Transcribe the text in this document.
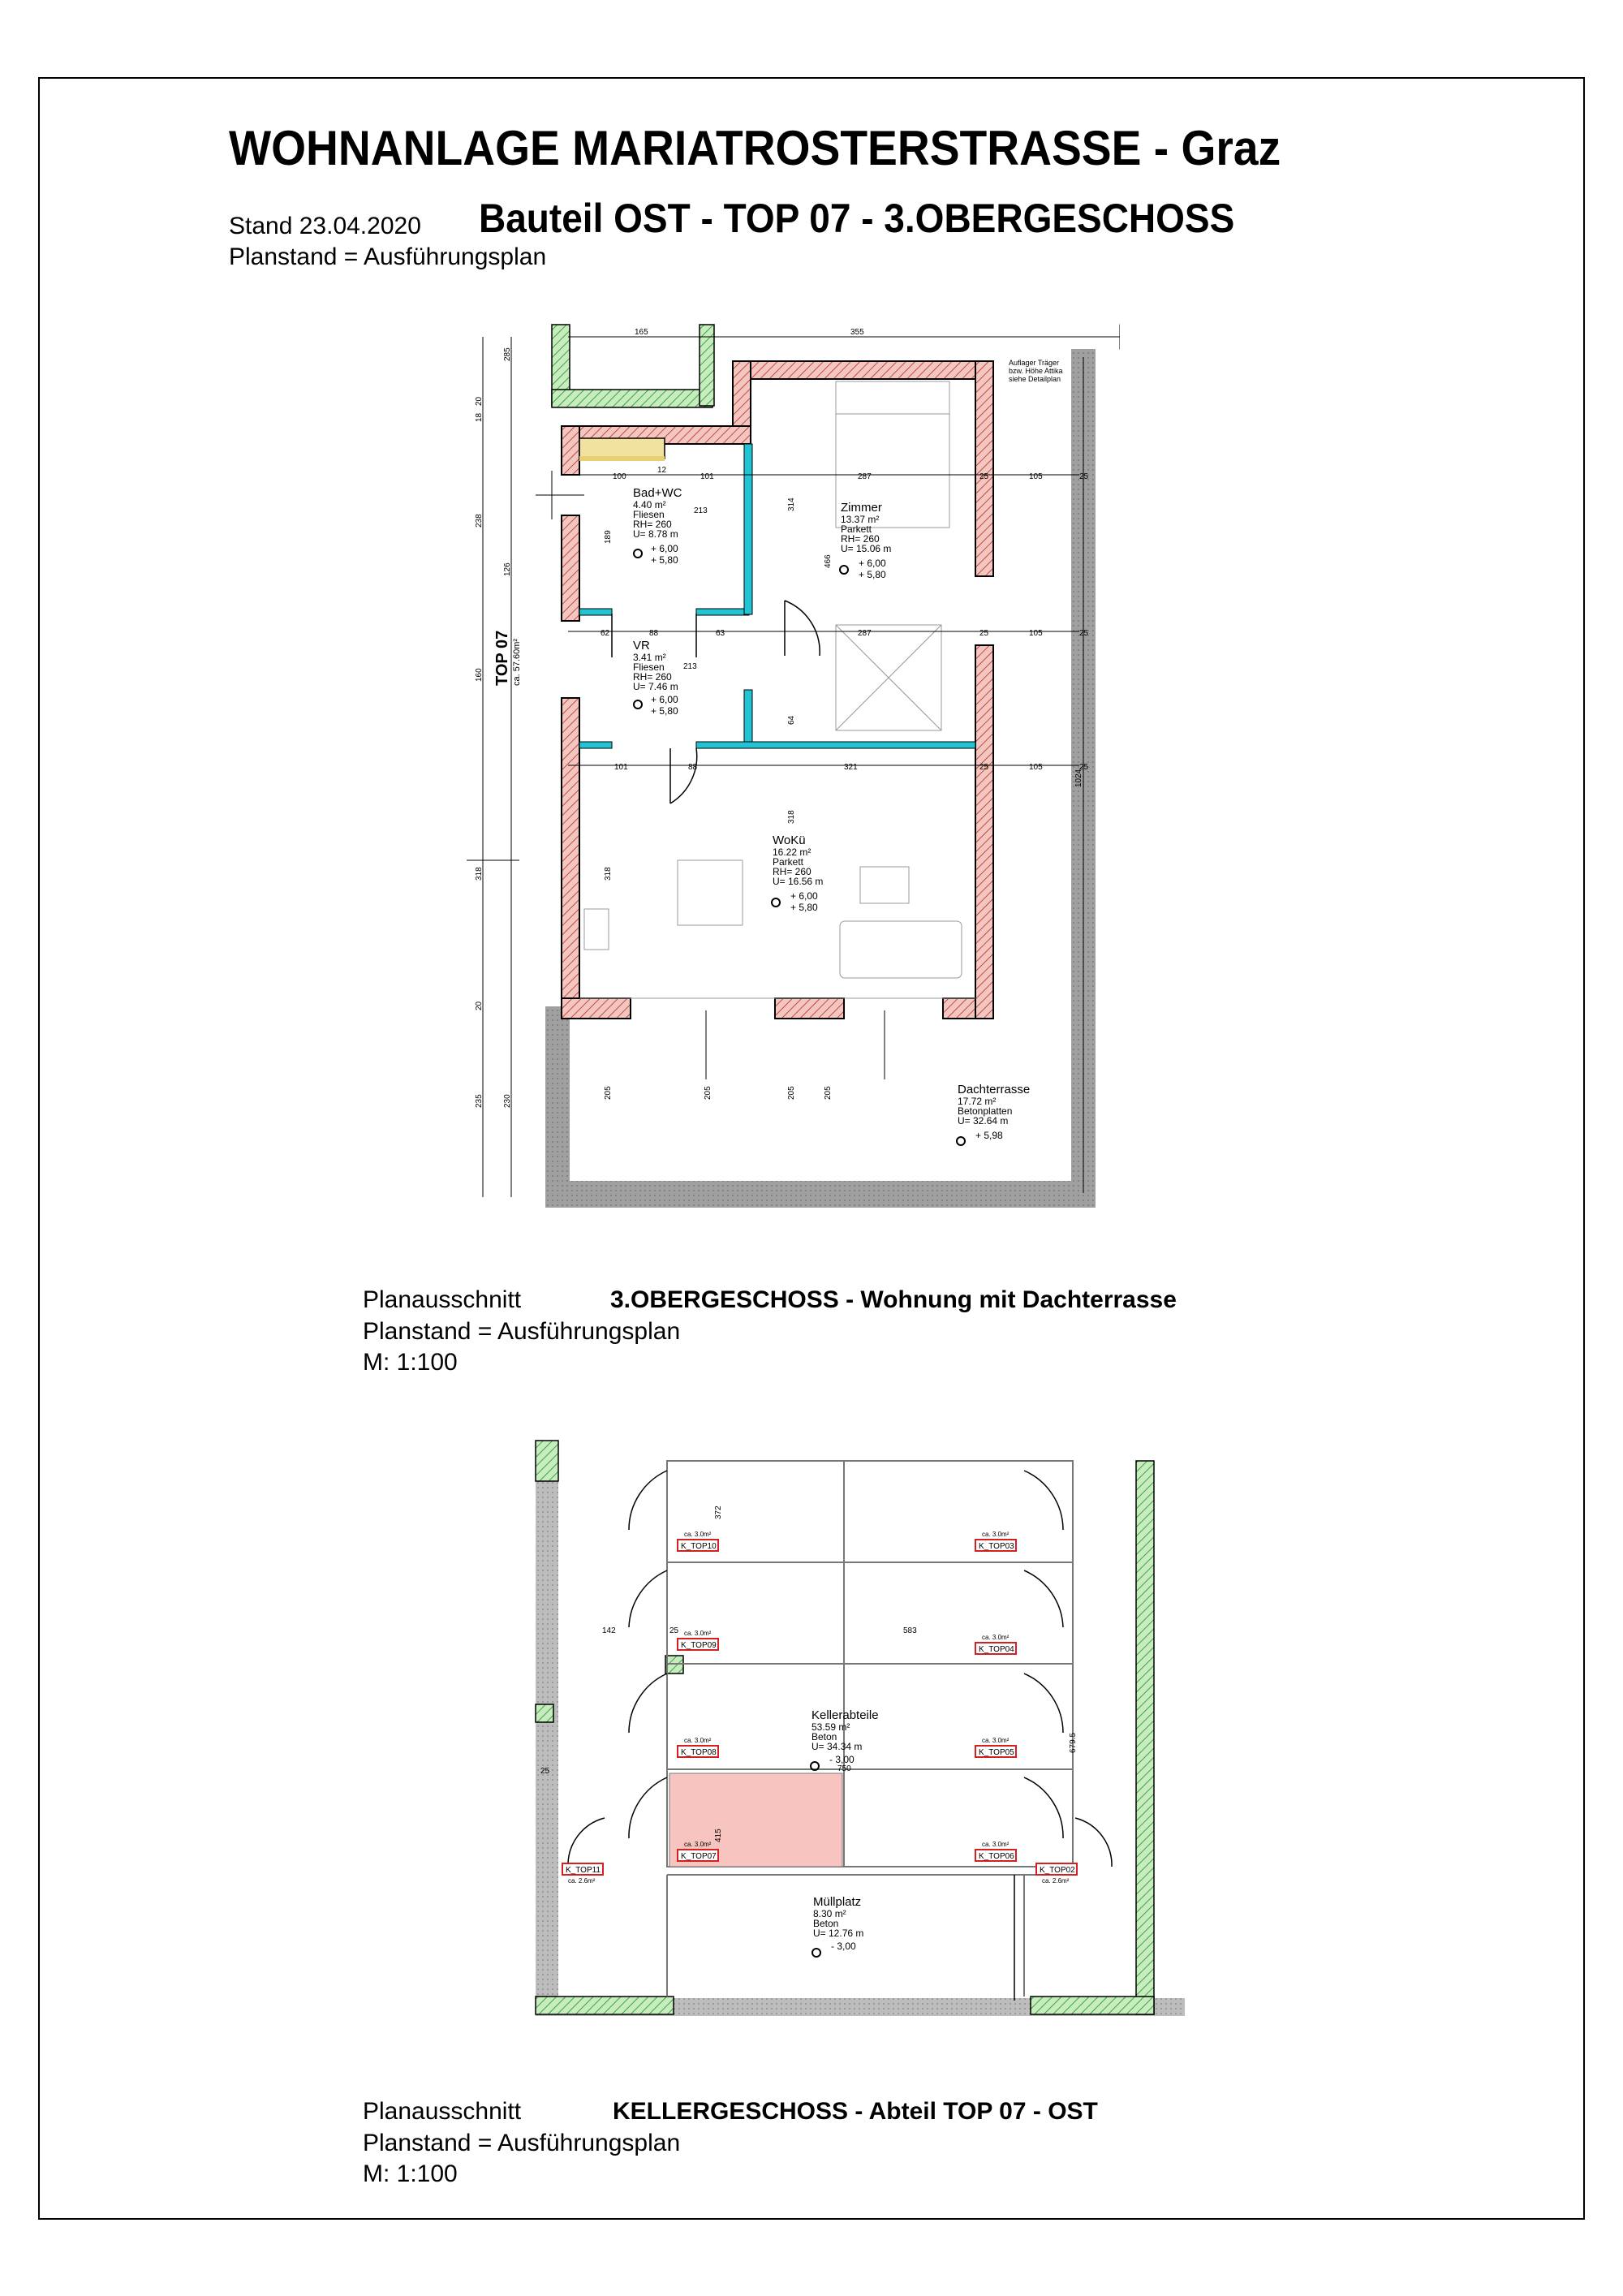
WOHNANLAGE MARIATROSTERSTRASSE - Graz
Stand 23.04.2020 Bauteil OST - TOP 07 - 3.OBERGESCHOSS
Planstand = Ausführungsplan
TOP 07 ca. 57.60m²
Auflager Träger
bzw. Höhe Attika
siehe Detailplan
Bad+WC
4.40 m²
Fliesen
RH= 260
U= 8.78 m
+ 6,00
+ 5,80
Zimmer
13.37 m²
Parkett
RH= 260
U= 15.06 m
+ 6,00
+ 5,80
VR
3.41 m²
Fliesen
RH= 260
U= 7.46 m
+ 6,00
+ 5,80
WoKü
16.22 m²
Parkett
RH= 260
U= 16.56 m
+ 6,00
+ 5,80
Dachterrasse
17.72 m²
Betonplatten
U= 32.64 m
+ 5,98
165	355
100
12
101	287	25	105	25
62	88	63	287	25	105	25
101	88	321	25	105	25
285
18
20
238
126
160
318
20
235 230
213
213
314
466
189
318
318
205	205	205	205
1024
64
Planausschnitt	3.OBERGESCHOSS - Wohnung mit Dachterrasse
Planstand = Ausführungsplan
M: 1:100
ca. 3.0m²
K_TOP10
ca. 3.0m²
K_TOP03
ca. 3.0m²
K_TOP09
ca. 3.0m²
K_TOP04
ca. 3.0m²
K_TOP08
ca. 3.0m²
K_TOP05
ca. 3.0m²
K_TOP07
ca. 3.0m²
K_TOP06
K_TOP11
ca. 2.6m²
K_TOP02
ca. 2.6m²
Kellerabteile
53.59 m²
Beton
U= 34.34 m
- 3,00
Müllplatz
8.30 m²
Beton
U= 12.76 m
- 3,00
372
142	25	583
750
415
25
679.5
Planausschnitt	KELLERGESCHOSS - Abteil TOP 07 - OST
Planstand = Ausführungsplan
M: 1:100
